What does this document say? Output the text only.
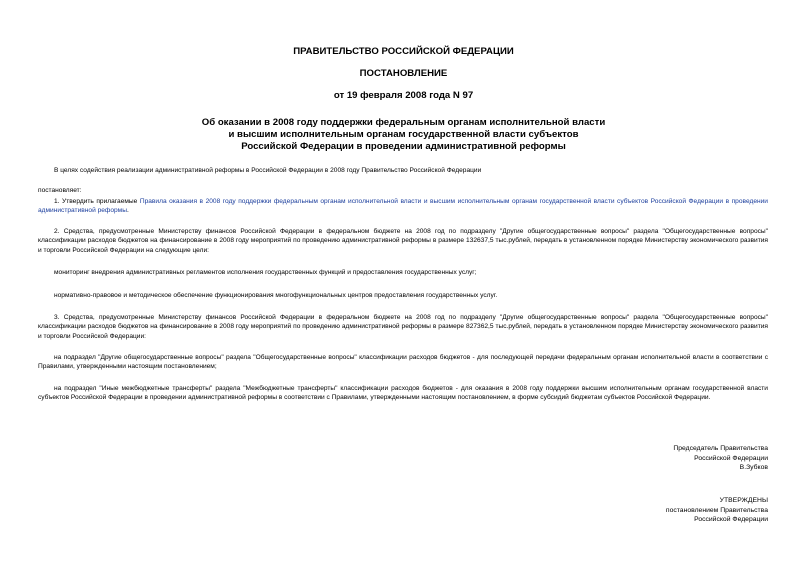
ПРАВИТЕЛЬСТВО РОССИЙСКОЙ ФЕДЕРАЦИИ
ПОСТАНОВЛЕНИЕ
от 19 февраля 2008 года N 97
Об оказании в 2008 году поддержки федеральным органам исполнительной власти и высшим исполнительным органам государственной власти субъектов Российской Федерации в проведении административной реформы
В целях содействия реализации административной реформы в Российской Федерации в 2008 году Правительство Российской Федерации
постановляет:
1. Утвердить прилагаемые Правила оказания в 2008 году поддержки федеральным органам исполнительной власти и высшим исполнительным органам государственной власти субъектов Российской Федерации в проведении административной реформы.
2. Средства, предусмотренные Министерству финансов Российской Федерации в федеральном бюджете на 2008 год по подразделу "Другие общегосударственные вопросы" раздела "Общегосударственные вопросы" классификации расходов бюджетов на финансирование в 2008 году мероприятий по проведению административной реформы в размере 132637,5 тыс.рублей, передать в установленном порядке Министерству экономического развития и торговли Российской Федерации на следующие цели:
мониторинг внедрения административных регламентов исполнения государственных функций и предоставления государственных услуг;
нормативно-правовое и методическое обеспечение функционирования многофункциональных центров предоставления государственных услуг.
3. Средства, предусмотренные Министерству финансов Российской Федерации в федеральном бюджете на 2008 год по подразделу "Другие общегосударственные вопросы" раздела "Общегосударственные вопросы" классификации расходов бюджетов на финансирование в 2008 году мероприятий по проведению административной реформы в размере 827362,5 тыс.рублей, передать в установленном порядке Министерству экономического развития и торговли Российской Федерации:
на подраздел "Другие общегосударственные вопросы" раздела "Общегосударственные вопросы" классификации расходов бюджетов - для последующей передачи федеральным органам исполнительной власти в соответствии с Правилами, утвержденными настоящим постановлением;
на подраздел "Иные межбюджетные трансферты" раздела "Межбюджетные трансферты" классификации расходов бюджетов - для оказания в 2008 году поддержки высшим исполнительным органам государственной власти субъектов Российской Федерации в проведении административной реформы в соответствии с Правилами, утвержденными настоящим постановлением, в форме субсидий бюджетам субъектов Российской Федерации.
Председатель Правительства
Российской Федерации
В.Зубков
УТВЕРЖДЕНЫ
постановлением Правительства
Российской Федерации
